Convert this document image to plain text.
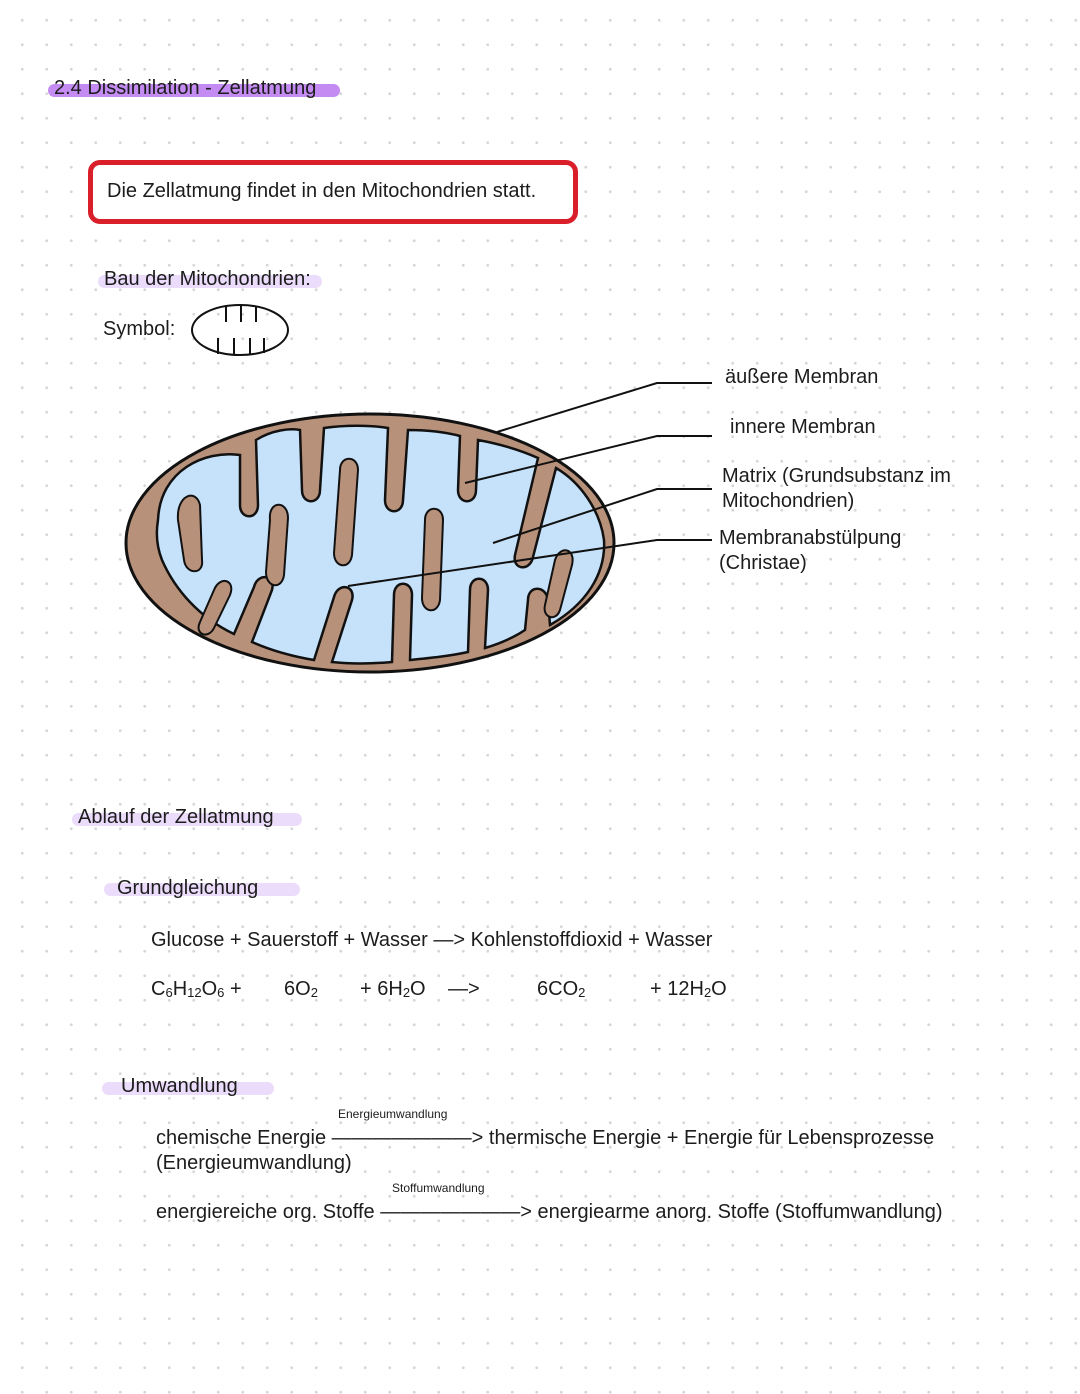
2.4 Dissimilation - Zellatmung
Die Zellatmung findet in den Mitochondrien statt.
Bau der Mitochondrien:
Symbol:
äußere Membran
innere Membran
Matrix (Grundsubstanz im
Mitochondrien)
Membranabstülpung
(Christae)
Ablauf der Zellatmung
Grundgleichung
Glucose + Sauerstoff + Wasser —> Kohlenstoffdioxid + Wasser
$C_6H_{12}O_6 + 6O_2 + 6H_2O$ —>	$6CO_2$	+ $12H_2O$
Umwandlung
Energieumwandlung
chemische Energie ———————> thermische Energie + Energie für Lebensprozesse
(Energieumwandlung)
Stoffumwandlung
energiereiche org. Stoffe ———————> energiearme anorg. Stoffe (Stoffumwandlung)
